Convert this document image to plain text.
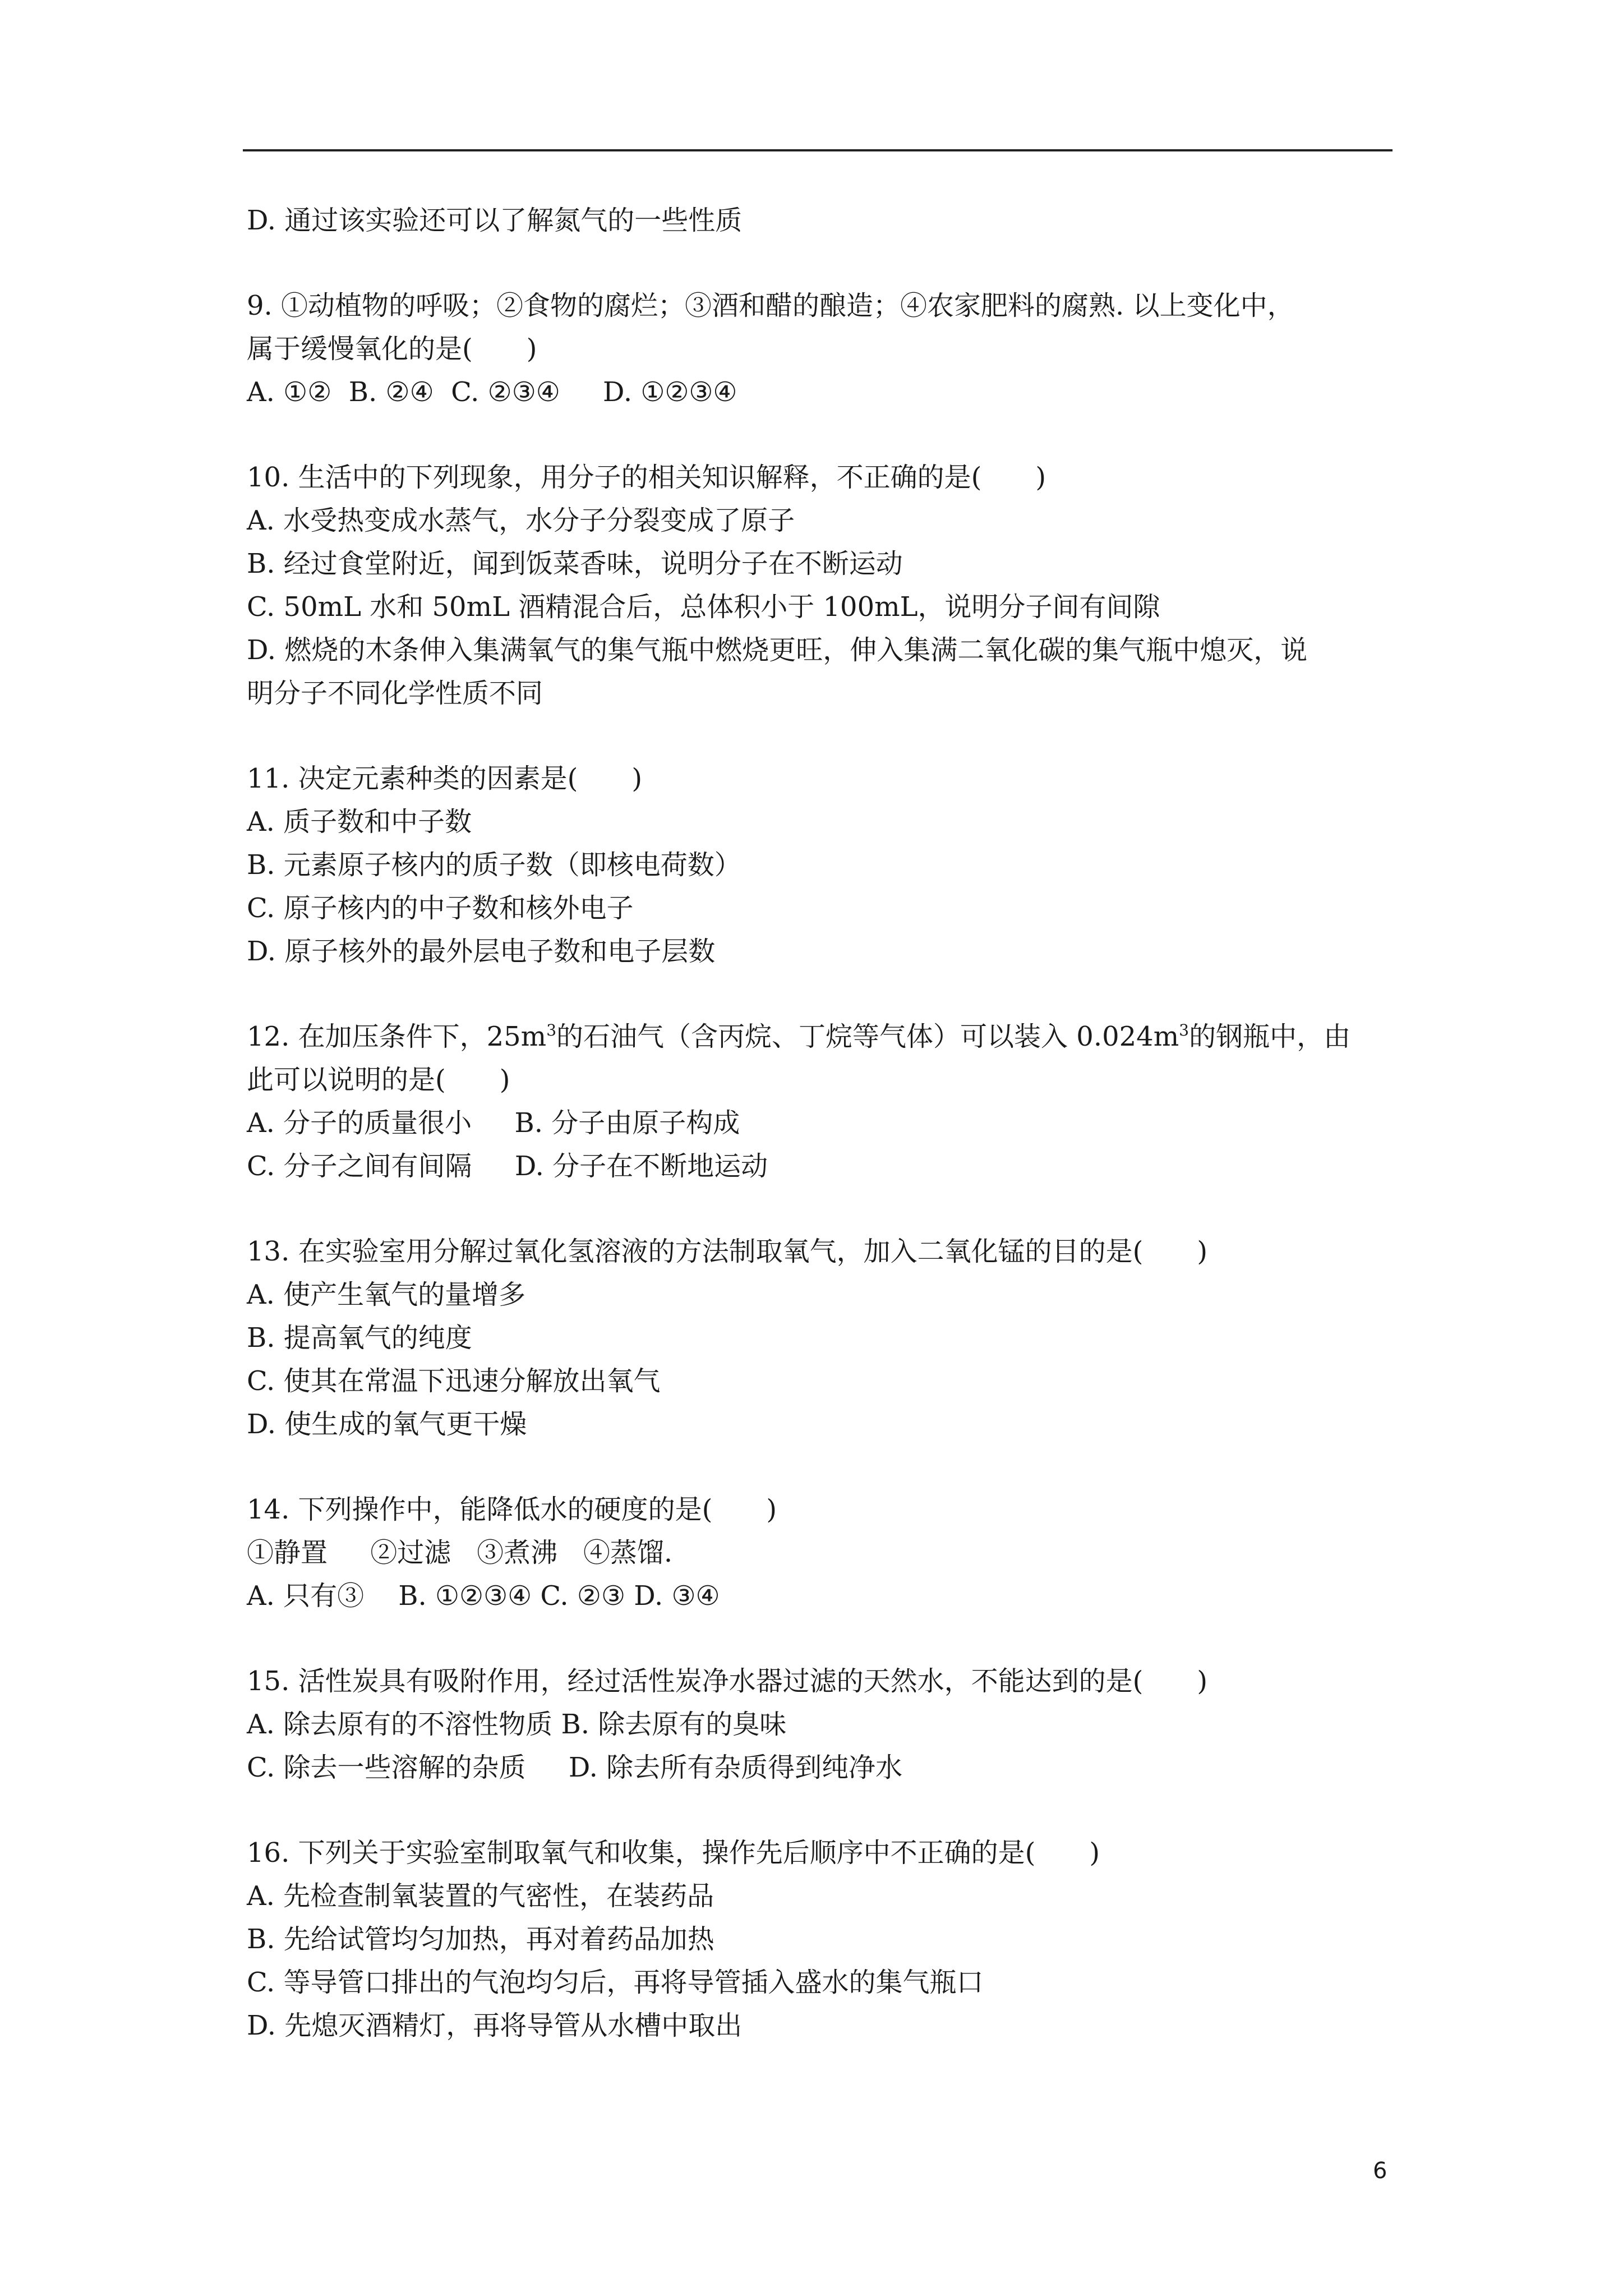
D. 通过该实验还可以了解氮气的一些性质
9. ①动植物的呼吸；②食物的腐烂；③酒和醋的酿造；④农家肥料的腐熟. 以上变化中，
属于缓慢氧化的是(　　)
A. ①②  B. ②④  C. ②③④     D. ①②③④
10. 生活中的下列现象，用分子的相关知识解释，不正确的是(　　)
A. 水受热变成水蒸气，水分子分裂变成了原子
B. 经过食堂附近，闻到饭菜香味，说明分子在不断运动
C. 50mL 水和 50mL 酒精混合后，总体积小于 100mL，说明分子间有间隙
D. 燃烧的木条伸入集满氧气的集气瓶中燃烧更旺，伸入集满二氧化碳的集气瓶中熄灭，说
明分子不同化学性质不同
11. 决定元素种类的因素是(　　)
A. 质子数和中子数
B. 元素原子核内的质子数（即核电荷数）
C. 原子核内的中子数和核外电子
D. 原子核外的最外层电子数和电子层数
12. 在加压条件下，$25m^3$的石油气（含丙烷、丁烷等气体）可以装入 $0.024m^3$的钢瓶中，由
此可以说明的是(　　)
A. 分子的质量很小     B. 分子由原子构成
C. 分子之间有间隔     D. 分子在不断地运动
13. 在实验室用分解过氧化氢溶液的方法制取氧气，加入二氧化锰的目的是(　　)
A. 使产生氧气的量增多
B. 提高氧气的纯度
C. 使其在常温下迅速分解放出氧气
D. 使生成的氧气更干燥
14. 下列操作中，能降低水的硬度的是(　　)
①静置     ②过滤   ③煮沸   ④蒸馏.
A. 只有③    B. ①②③④ C. ②③ D. ③④
15. 活性炭具有吸附作用，经过活性炭净水器过滤的天然水，不能达到的是(　　)
A. 除去原有的不溶性物质 B. 除去原有的臭味
C. 除去一些溶解的杂质     D. 除去所有杂质得到纯净水
16. 下列关于实验室制取氧气和收集，操作先后顺序中不正确的是(　　)
A. 先检查制氧装置的气密性，在装药品
B. 先给试管均匀加热，再对着药品加热
C. 等导管口排出的气泡均匀后，再将导管插入盛水的集气瓶口
D. 先熄灭酒精灯，再将导管从水槽中取出
6
